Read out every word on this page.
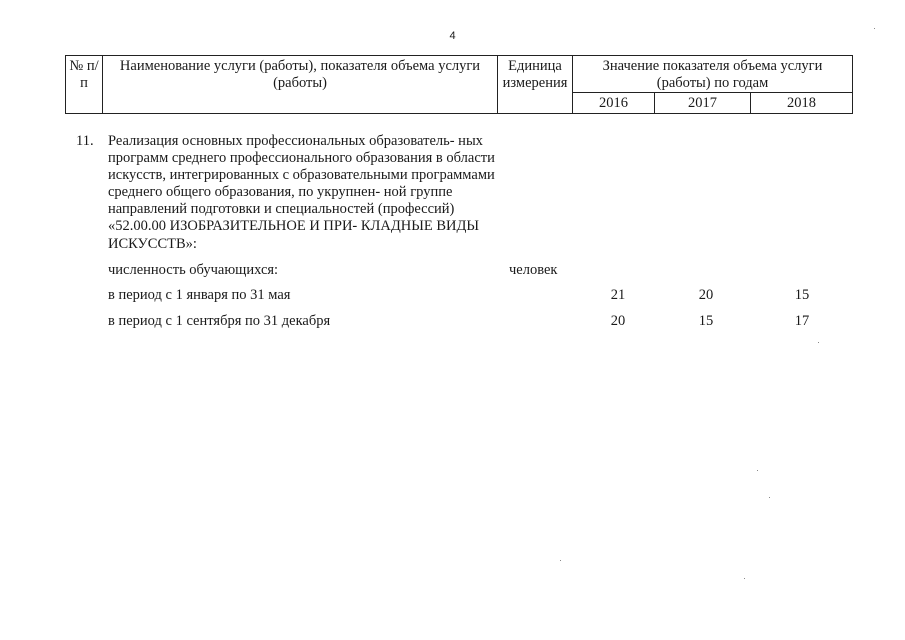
4
№ п/п	Наименование услуги (работы), показателя объема услуги (работы)	Единица измерения	Значение показателя объема услуги (работы) по годам		
			2016	2017	2018
11. Реализация основных профессиональных образователь- ных программ среднего профессионального образования в области искусств, интегрированных с образовательными программами среднего общего образования, по укрупнен- ной группе направлений подготовки и специальностей (профессий) «52.00.00 ИЗОБРАЗИТЕЛЬНОЕ И ПРИ- КЛАДНЫЕ ВИДЫ ИСКУССТВ»:
численность обучающихся:	человек
в период с 1 января по 31 мая	21	20	15
в период с 1 сентября по 31 декабря	20	15	17
